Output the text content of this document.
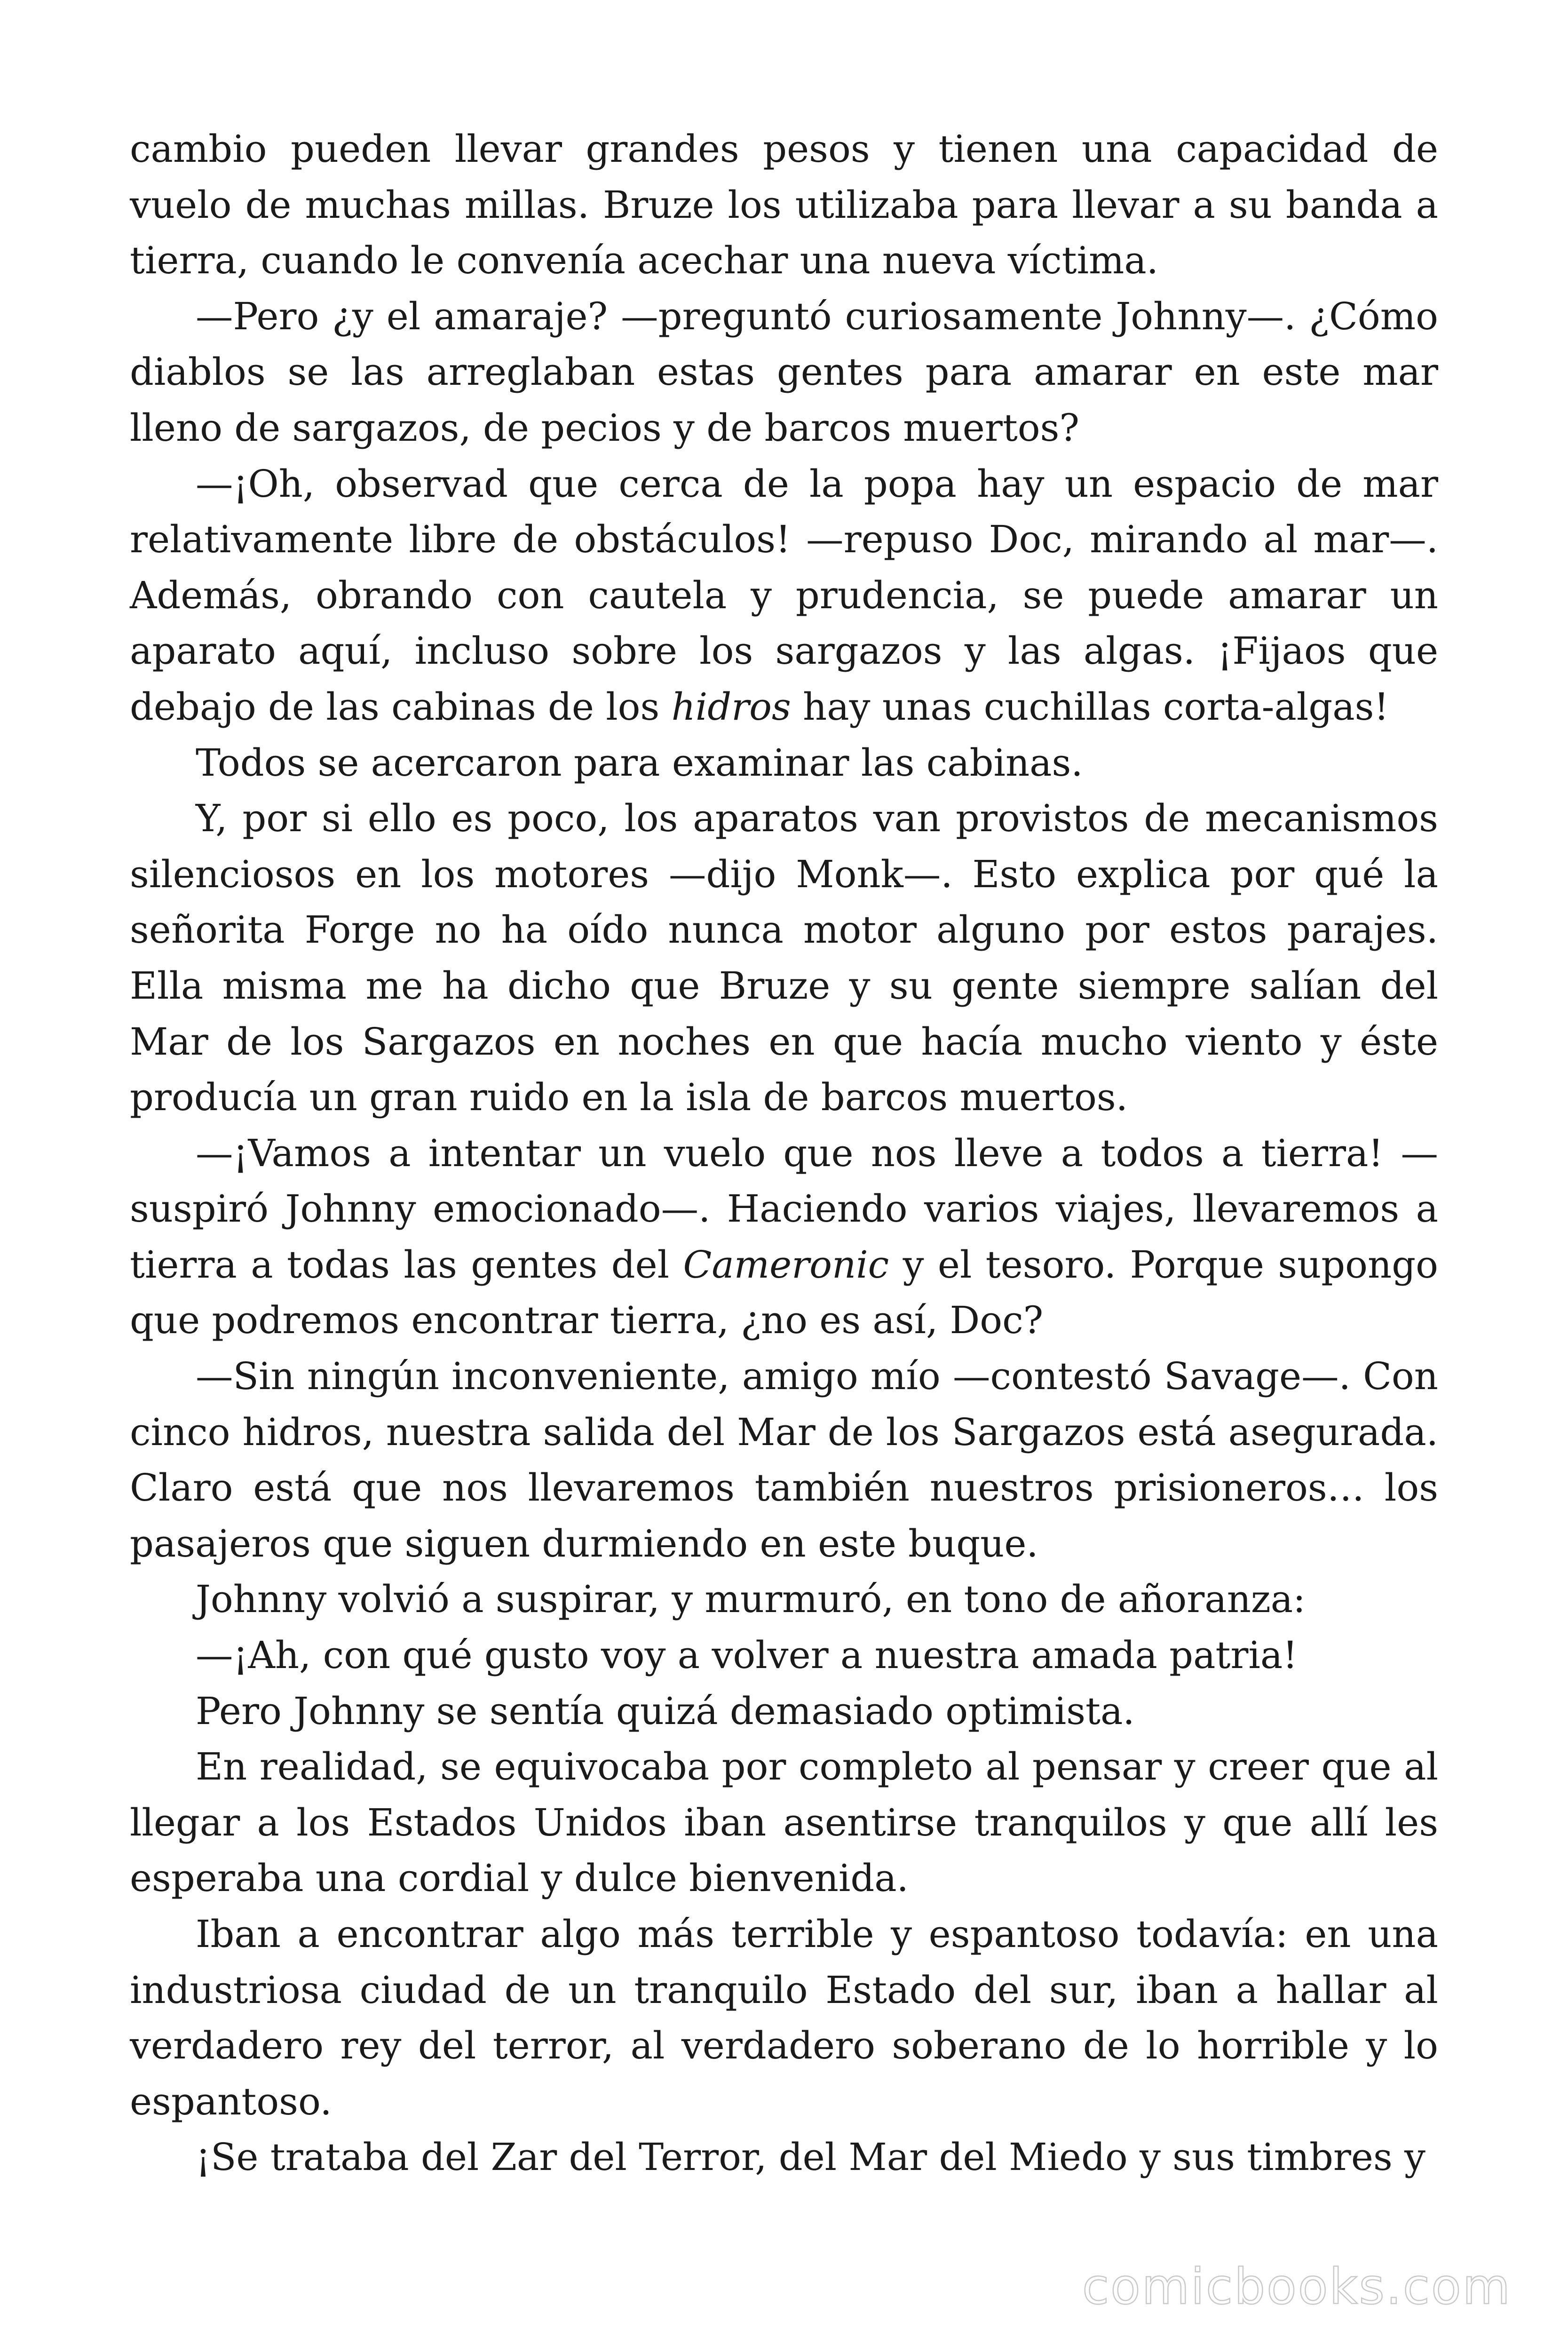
cambio pueden llevar grandes pesos y tienen una capacidad de vuelo de muchas millas. Bruze los utilizaba para llevar a su banda a tierra, cuando le convenía acechar una nueva víctima.

—Pero ¿y el amaraje? —preguntó curiosamente Johnny—. ¿Cómo diablos se las arreglaban estas gentes para amarar en este mar lleno de sargazos, de pecios y de barcos muertos?

—¡Oh, observad que cerca de la popa hay un espacio de mar relativamente libre de obstáculos! —repuso Doc, mirando al mar—. Además, obrando con cautela y prudencia, se puede amarar un aparato aquí, incluso sobre los sargazos y las algas. ¡Fijaos que debajo de las cabinas de los hidros hay unas cuchillas corta-algas!

Todos se acercaron para examinar las cabinas.

Y, por si ello es poco, los aparatos van provistos de mecanismos silenciosos en los motores —dijo Monk—. Esto explica por qué la señorita Forge no ha oído nunca motor alguno por estos parajes. Ella misma me ha dicho que Bruze y su gente siempre salían del Mar de los Sargazos en noches en que hacía mucho viento y éste producía un gran ruido en la isla de barcos muertos.

—¡Vamos a intentar un vuelo que nos lleve a todos a tierra! —suspiró Johnny emocionado—. Haciendo varios viajes, llevaremos a tierra a todas las gentes del Cameronic y el tesoro. Porque supongo que podremos encontrar tierra, ¿no es así, Doc?

—Sin ningún inconveniente, amigo mío —contestó Savage—. Con cinco hidros, nuestra salida del Mar de los Sargazos está asegurada. Claro está que nos llevaremos también nuestros prisioneros… los pasajeros que siguen durmiendo en este buque.

Johnny volvió a suspirar, y murmuró, en tono de añoranza:

—¡Ah, con qué gusto voy a volver a nuestra amada patria!

Pero Johnny se sentía quizá demasiado optimista.

En realidad, se equivocaba por completo al pensar y creer que al llegar a los Estados Unidos iban asentirse tranquilos y que allí les esperaba una cordial y dulce bienvenida.

Iban a encontrar algo más terrible y espantoso todavía: en una industriosa ciudad de un tranquilo Estado del sur, iban a hallar al verdadero rey del terror, al verdadero soberano de lo horrible y lo espantoso.

¡Se trataba del Zar del Terror, del Mar del Miedo y sus timbres y

comicbooks.com
